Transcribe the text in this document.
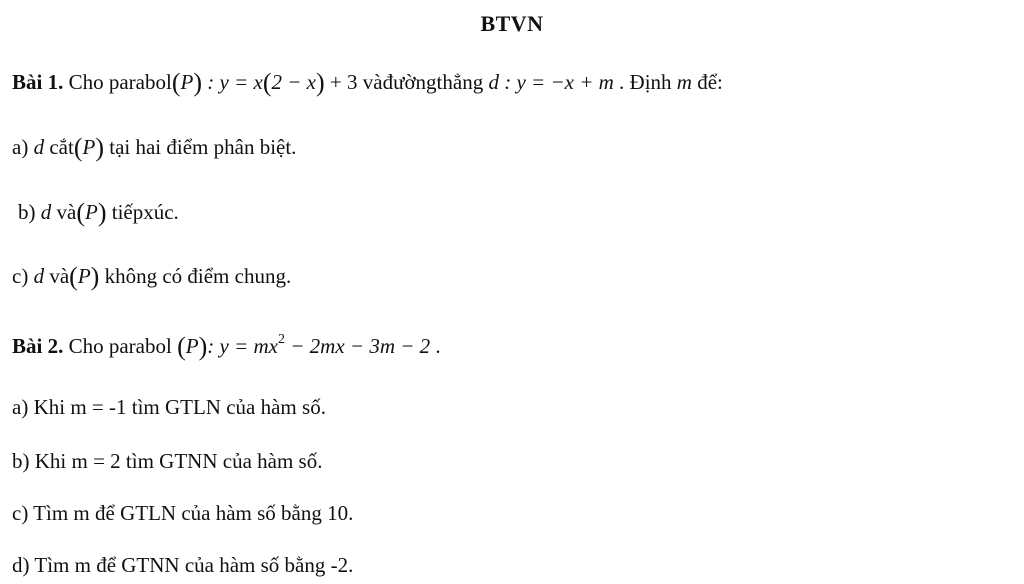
BTVN
Bài 1. Cho parabol(P) : y = x(2 − x) + 3 vàđườngthẳng d : y = −x + m . Định m để:
a) d cắt(P) tại hai điểm phân biệt.
b) d và(P) tiếpxúc.
c) d và(P) không có điểm chung.
Bài 2. Cho parabol (P): $y = mx^2 - 2mx - 3m - 2$ .
a) Khi m = -1 tìm GTLN của hàm số.
b) Khi m = 2 tìm GTNN của hàm số.
c) Tìm m để GTLN của hàm số bằng 10.
d) Tìm m để GTNN của hàm số bằng -2.
